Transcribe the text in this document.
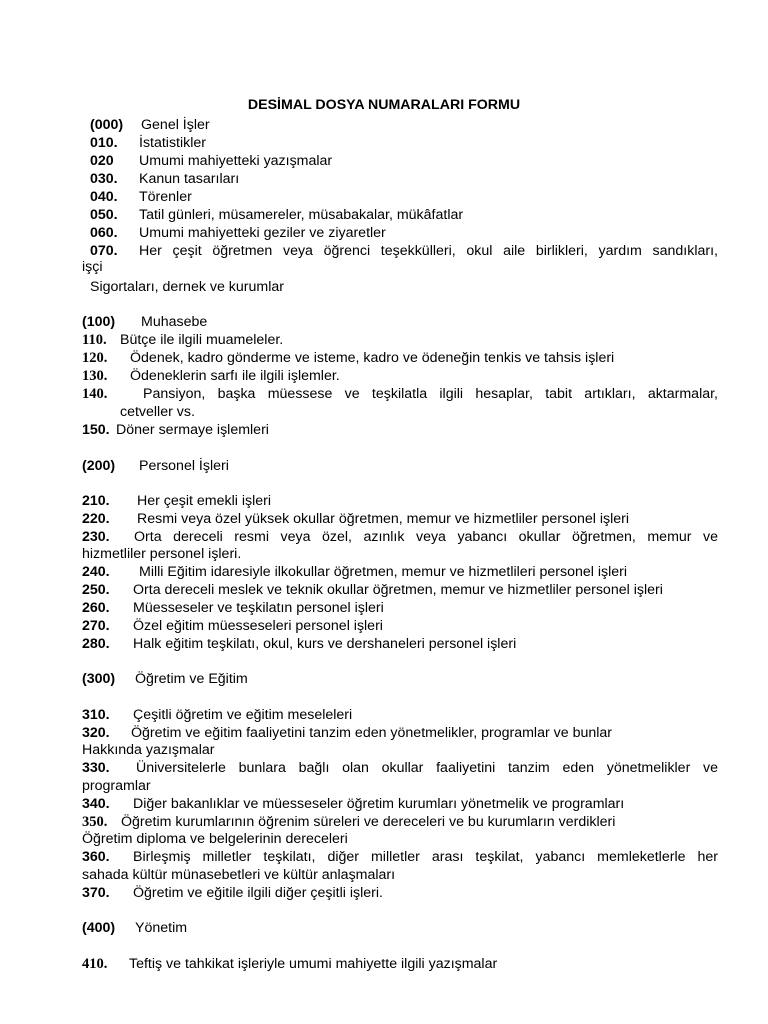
DESİMAL DOSYA NUMARALARI FORMU
(000) Genel İşler
010. İstatistikler
020 Umumi mahiyetteki yazışmalar
030. Kanun tasarıları
040. Törenler
050. Tatil günleri, müsamereler, müsabakalar, mükâfatlar
060. Umumi mahiyetteki geziler ve ziyaretler
070. Her çeşit öğretmen veya öğrenci teşekkülleri, okul aile birlikleri, yardım sandıkları,
işçi
Sigortaları, dernek ve kurumlar
(100) Muhasebe
110. Bütçe ile ilgili muameleler.
120. Ödenek, kadro gönderme ve isteme, kadro ve ödeneğin tenkis ve tahsis işleri
130. Ödeneklerin sarfı ile ilgili işlemler.
140.	Pansiyon, başka müessese ve teşkilatla ilgili hesaplar, tabit artıkları, aktarmalar,
cetveller vs.
150. Döner sermaye işlemleri
(200) Personel İşleri
210. Her çeşit emekli işleri
220. Resmi veya özel yüksek okullar öğretmen, memur ve hizmetliler personel işleri
230. Orta dereceli resmi veya özel, azınlık veya yabancı okullar öğretmen, memur ve
hizmetliler personel işleri.
240. Milli Eğitim idaresiyle ilkokullar öğretmen, memur ve hizmetlileri personel işleri
250. Orta dereceli meslek ve teknik okullar öğretmen, memur ve hizmetliler personel işleri
260. Müesseseler ve teşkilatın personel işleri
270. Özel eğitim müesseseleri personel işleri
280. Halk eğitim teşkilatı, okul, kurs ve dershaneleri personel işleri
(300) Öğretim ve Eğitim
310. Çeşitli öğretim ve eğitim meseleleri
320. Öğretim ve eğitim faaliyetini tanzim eden yönetmelikler, programlar ve bunlar
Hakkında yazışmalar
330. Üniversitelerle bunlara bağlı olan okullar faaliyetini tanzim eden yönetmelikler ve
programlar
340. Diğer bakanlıklar ve müesseseler öğretim kurumları yönetmelik ve programları
350. Öğretim kurumlarının öğrenim süreleri ve dereceleri ve bu kurumların verdikleri
Öğretim diploma ve belgelerinin dereceleri
360. Birleşmiş milletler teşkilatı, diğer milletler arası teşkilat, yabancı memleketlerle her
sahada kültür münasebetleri ve kültür anlaşmaları
370. Öğretim ve eğitile ilgili diğer çeşitli işleri.
(400) Yönetim
410. Teftiş ve tahkikat işleriyle umumi mahiyette ilgili yazışmalar
